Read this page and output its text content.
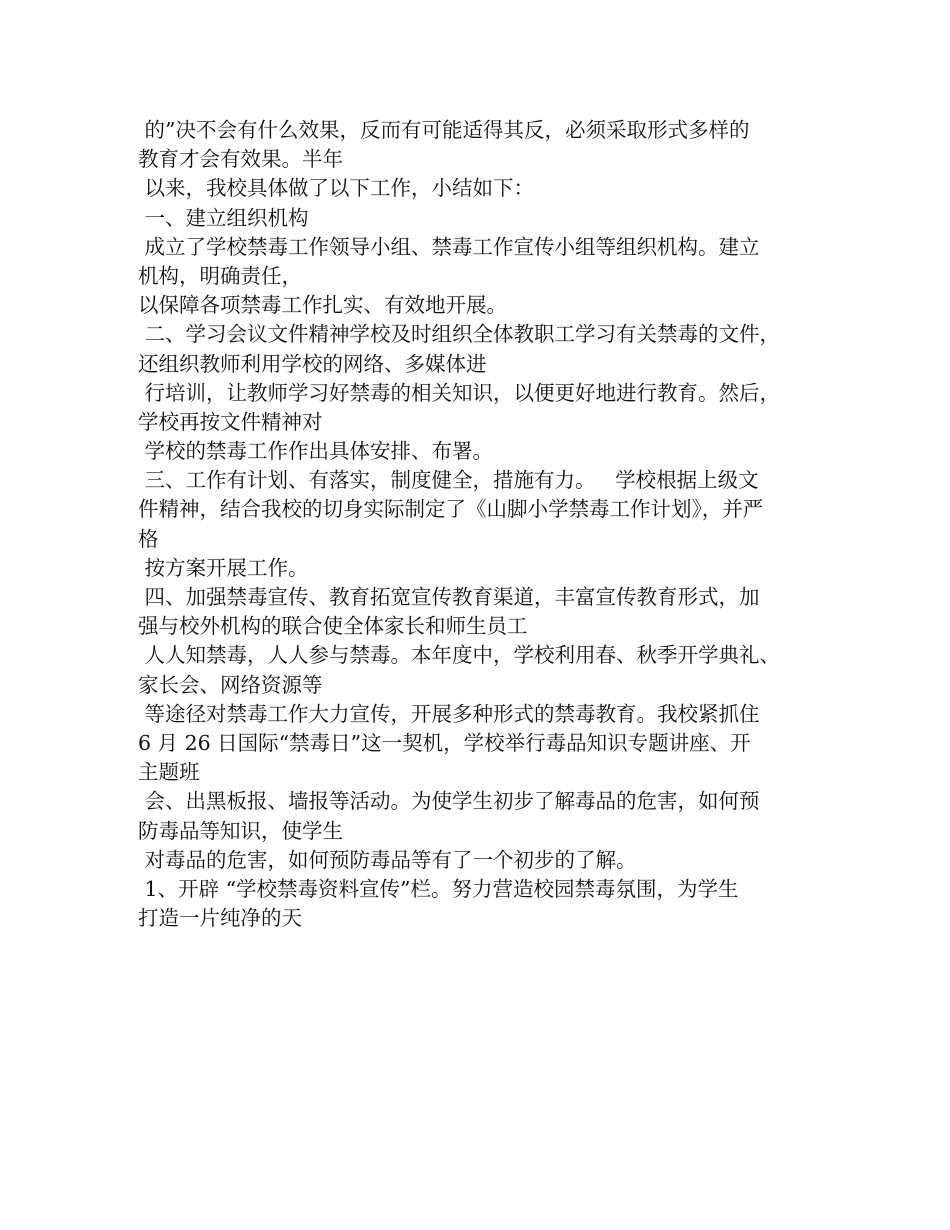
的”决不会有什么效果，反而有可能适得其反，必须采取形式多样的
教育才会有效果。半年
以来，我校具体做了以下工作，小结如下：
一、建立组织机构
成立了学校禁毒工作领导小组、禁毒工作宣传小组等组织机构。建立
机构，明确责任，
以保障各项禁毒工作扎实、有效地开展。
二、学习会议文件精神学校及时组织全体教职工学习有关禁毒的文件，
还组织教师利用学校的网络、多媒体进
行培训，让教师学习好禁毒的相关知识，以便更好地进行教育。然后，
学校再按文件精神对
学校的禁毒工作作出具体安排、布署。
三、工作有计划、有落实，制度健全，措施有力。   学校根据上级文
件精神，结合我校的切身实际制定了《山脚小学禁毒工作计划》，并严
格
按方案开展工作。
四、加强禁毒宣传、教育拓宽宣传教育渠道，丰富宣传教育形式，加
强与校外机构的联合使全体家长和师生员工
人人知禁毒，人人参与禁毒。本年度中，学校利用春、秋季开学典礼、
家长会、网络资源等
等途径对禁毒工作大力宣传，开展多种形式的禁毒教育。我校紧抓住
6 月 26 日国际“禁毒日”这一契机，学校举行毒品知识专题讲座、开
主题班
会、出黑板报、墙报等活动。为使学生初步了解毒品的危害，如何预
防毒品等知识，使学生
对毒品的危害，如何预防毒品等有了一个初步的了解。
1、开辟 “学校禁毒资料宣传”栏。努力营造校园禁毒氛围，为学生
打造一片纯净的天
